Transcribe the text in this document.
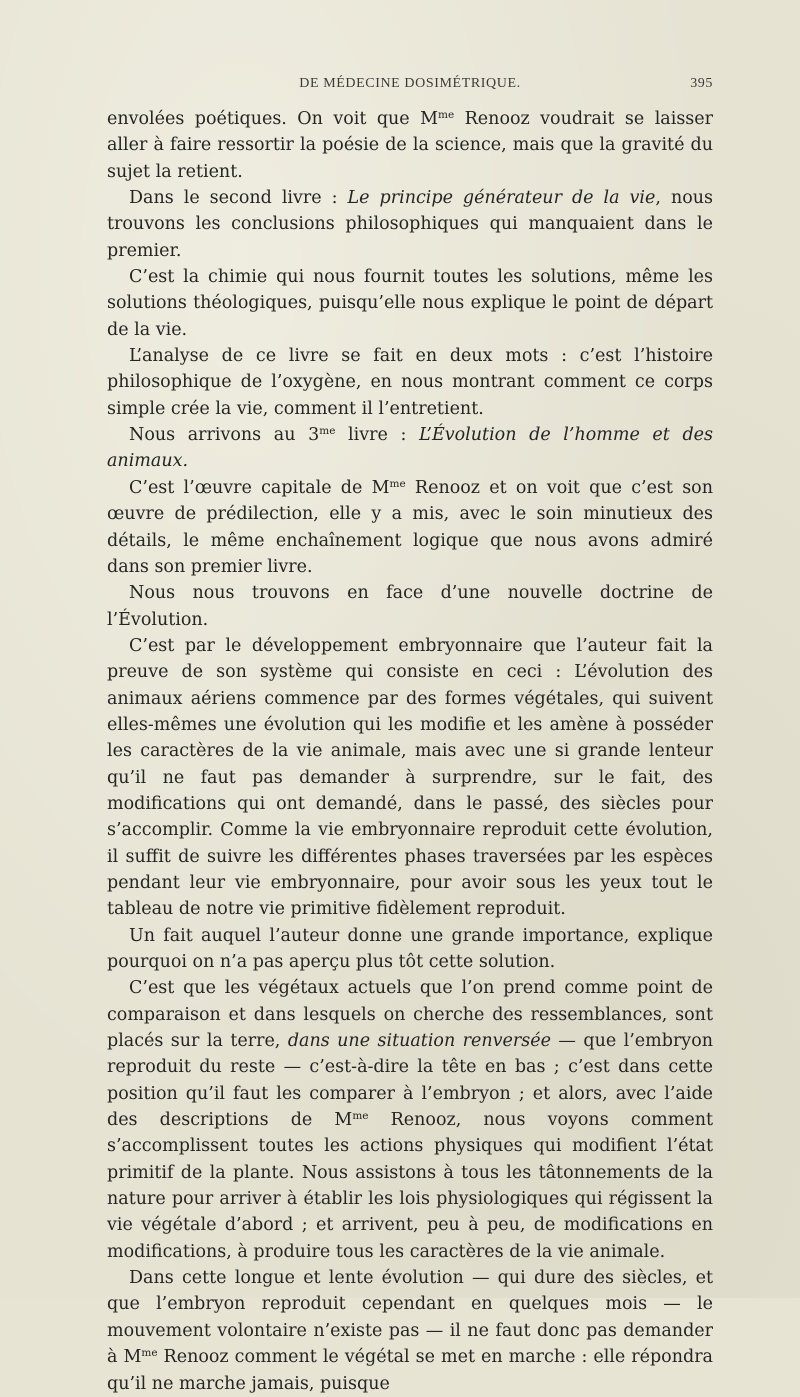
DE MÉDECINE DOSIMÉTRIQUE.	395

envolées poétiques. On voit que $M^{me}$ Renooz voudrait se laisser aller à faire ressortir la poésie de la science, mais que la gravité du sujet la retient.

Dans le second livre : Le principe générateur de la vie, nous trouvons les conclusions philosophiques qui manquaient dans le premier.

C’est la chimie qui nous fournit toutes les solutions, même les solutions théologiques, puisqu’elle nous explique le point de départ de la vie.

L’analyse de ce livre se fait en deux mots : c’est l’histoire philosophique de l’oxygène, en nous montrant comment ce corps simple crée la vie, comment il l’entretient.

Nous arrivons au $3^{me}$ livre : L’Évolution de l’homme et des animaux.

C’est l’œuvre capitale de $M^{me}$ Renooz et on voit que c’est son œuvre de prédilection, elle y a mis, avec le soin minutieux des détails, le même enchaînement logique que nous avons admiré dans son premier livre.

Nous nous trouvons en face d’une nouvelle doctrine de l’Évolution.

C’est par le développement embryonnaire que l’auteur fait la preuve de son système qui consiste en ceci : L’évolution des animaux aériens commence par des formes végétales, qui suivent elles-mêmes une évolution qui les modifie et les amène à posséder les caractères de la vie animale, mais avec une si grande lenteur qu’il ne faut pas demander à surprendre, sur le fait, des modifications qui ont demandé, dans le passé, des siècles pour s’accomplir. Comme la vie embryonnaire reproduit cette évolution, il suffit de suivre les différentes phases traversées par les espèces pendant leur vie embryonnaire, pour avoir sous les yeux tout le tableau de notre vie primitive fidèlement reproduit.

Un fait auquel l’auteur donne une grande importance, explique pourquoi on n’a pas aperçu plus tôt cette solution.

C’est que les végétaux actuels que l’on prend comme point de comparaison et dans lesquels on cherche des ressemblances, sont placés sur la terre, dans une situation renversée — que l’embryon reproduit du reste — c’est-à-dire la tête en bas ; c’est dans cette position qu’il faut les comparer à l’embryon ; et alors, avec l’aide des descriptions de $M^{me}$ Renooz, nous voyons comment s’accomplissent toutes les actions physiques qui modifient l’état primitif de la plante. Nous assistons à tous les tâtonnements de la nature pour arriver à établir les lois physiologiques qui régissent la vie végétale d’abord ; et arrivent, peu à peu, de modifications en modifications, à produire tous les caractères de la vie animale.

Dans cette longue et lente évolution — qui dure des siècles, et que l’embryon reproduit cependant en quelques mois — le mouvement volontaire n’existe pas — il ne faut donc pas demander à $M^{me}$ Renooz comment le végétal se met en marche : elle répondra qu’il ne marche jamais, puisque
